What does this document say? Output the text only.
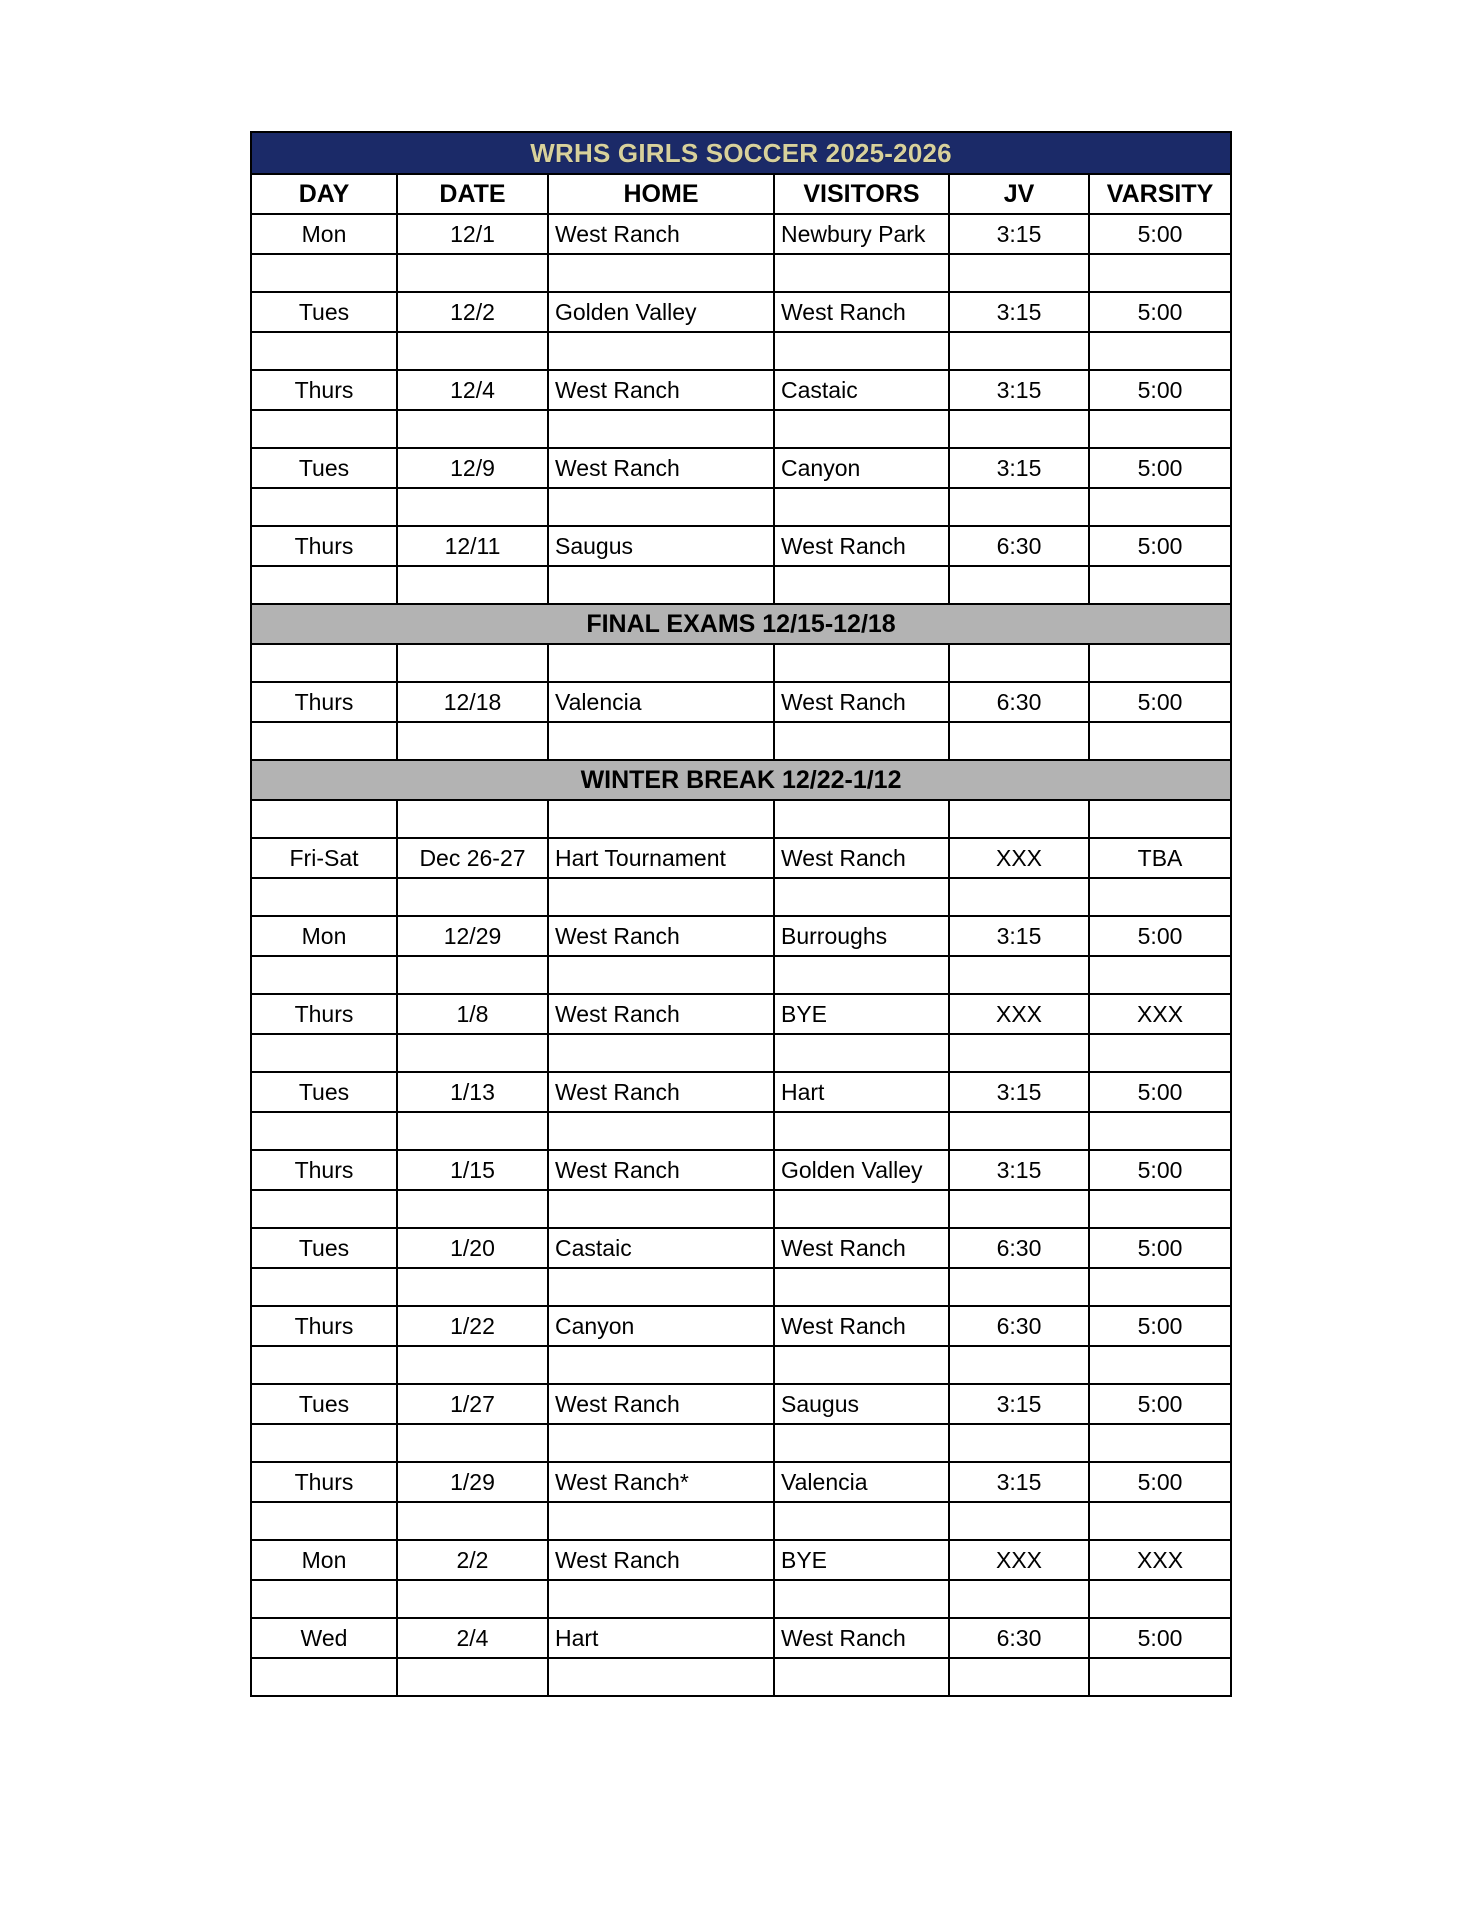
WRHS GIRLS SOCCER 2025-2026					
DAY	DATE	HOME	VISITORS	JV	VARSITY
Mon	12/1	West Ranch	Newbury Park	3:15	5:00

Tues	12/2	Golden Valley	West Ranch	3:15	5:00

Thurs	12/4	West Ranch	Castaic	3:15	5:00

Tues	12/9	West Ranch	Canyon	3:15	5:00

Thurs	12/11	Saugus	West Ranch	6:30	5:00

FINAL EXAMS 12/15-12/18					

Thurs	12/18	Valencia	West Ranch	6:30	5:00

WINTER BREAK 12/22-1/12					

Fri-Sat	Dec 26-27	Hart Tournament	West Ranch	XXX	TBA

Mon	12/29	West Ranch	Burroughs	3:15	5:00

Thurs	1/8	West Ranch	BYE	XXX	XXX

Tues	1/13	West Ranch	Hart	3:15	5:00

Thurs	1/15	West Ranch	Golden Valley	3:15	5:00

Tues	1/20	Castaic	West Ranch	6:30	5:00

Thurs	1/22	Canyon	West Ranch	6:30	5:00

Tues	1/27	West Ranch	Saugus	3:15	5:00

Thurs	1/29	West Ranch*	Valencia	3:15	5:00

Mon	2/2	West Ranch	BYE	XXX	XXX

Wed	2/4	Hart	West Ranch	6:30	5:00
